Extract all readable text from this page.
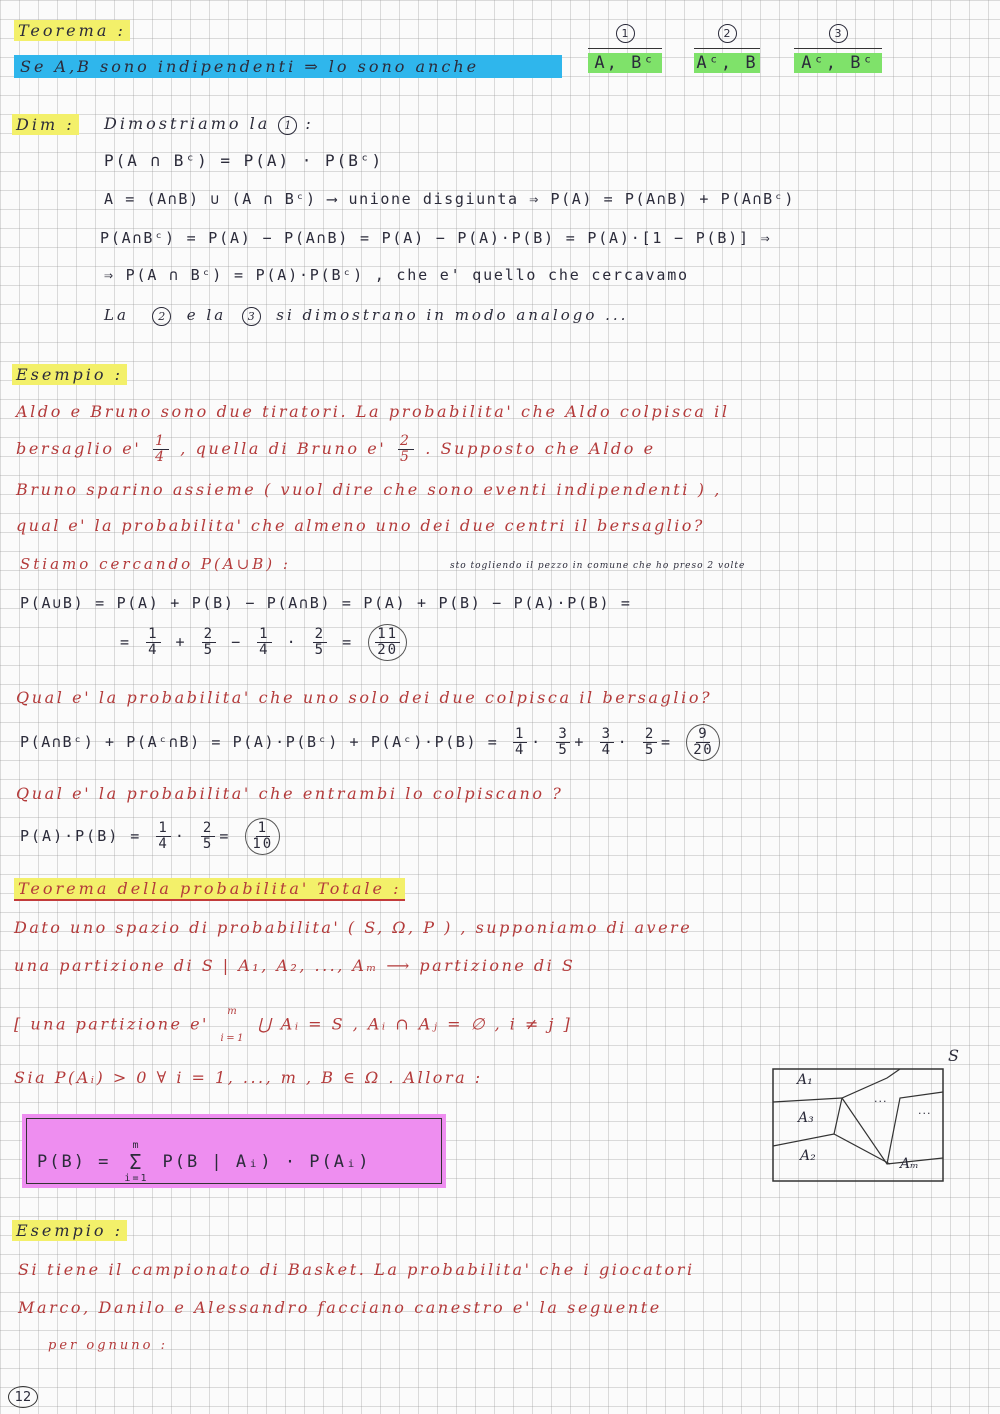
Teorema :
Se A,B sono indipendenti ⇒ lo sono anche
1
A, Bᶜ
2
Aᶜ, B
3
Aᶜ, Bᶜ
Dim : Dimostriamo la 1 :
P(A ∩ Bᶜ) = P(A) · P(Bᶜ)
A = (A∩B) ∪ (A ∩ Bᶜ) ⟶ unione disgiunta ⇒ P(A) = P(A∩B) + P(A∩Bᶜ)
P(A∩Bᶜ) = P(A) − P(A∩B) = P(A) − P(A)·P(B) = P(A)·[1 − P(B)] ⇒
⇒ P(A ∩ Bᶜ) = P(A)·P(Bᶜ) , che e' quello che cercavamo
La	2 e la 3 si dimostrano in modo analogo ...
Esempio :
Aldo e Bruno sono due tiratori. La probabilita' che Aldo colpisca il
bersaglio $e' \frac{1}{4}$ , quella di Bruno $e' \frac{2}{5}$ . Supposto che Aldo e
Bruno sparino assieme ( vuol dire che sono eventi indipendenti ) ,
qual e' la probabilita' che almeno uno dei due centri il bersaglio?
Stiamo cercando P(A∪B) :	sto togliendo il pezzo in comune che ho preso 2 volte
P(A∪B) = P(A) + P(B) − P(A∩B) = P(A) + P(B) − P(A)·P(B) =
= $\frac{1}{4} + \frac{2}{5} - \frac{1}{4} \cdot \frac{2}{5} = \frac{11}{20}$
Qual e' la probabilita' che uno solo dei due colpisca il bersaglio?
P(A∩Bᶜ) + P(Aᶜ∩B) = P(A)·P(Bᶜ) + P(Aᶜ)·P(B) = $\frac{1}{4} \cdot \frac{3}{5} + \frac{3}{4} \cdot \frac{2}{5} = \frac{9}{20}$
Qual e' la probabilita' che entrambi lo colpiscano ?
$P(A)\cdot P(B) = \frac{1}{4} \cdot \frac{2}{5} = \frac{1}{10}$
Teorema della probabilita' Totale :
Dato uno spazio di probabilita' ( S, Ω, P ) , supponiamo di avere
una partizione di S | A₁, A₂, ..., Aₘ ⟶ partizione di S
[ una partizione e'
m
i=1
⋃ Aᵢ = S , Aᵢ ∩ Aⱼ = ∅ , i ≠ j ]
Sia P(Aᵢ) > 0 ∀ i = 1, ..., m , B ∈ Ω . Allora :
P(B) =
m
Σ
i=1
P(B | Aᵢ) · P(Aᵢ)
S
A₁
A₃
A₂	Aₘ
...
...
Esempio :
Si tiene il campionato di Basket. La probabilita' che i giocatori
Marco, Danilo e Alessandro facciano canestro e' la seguente
per ognuno :
12
